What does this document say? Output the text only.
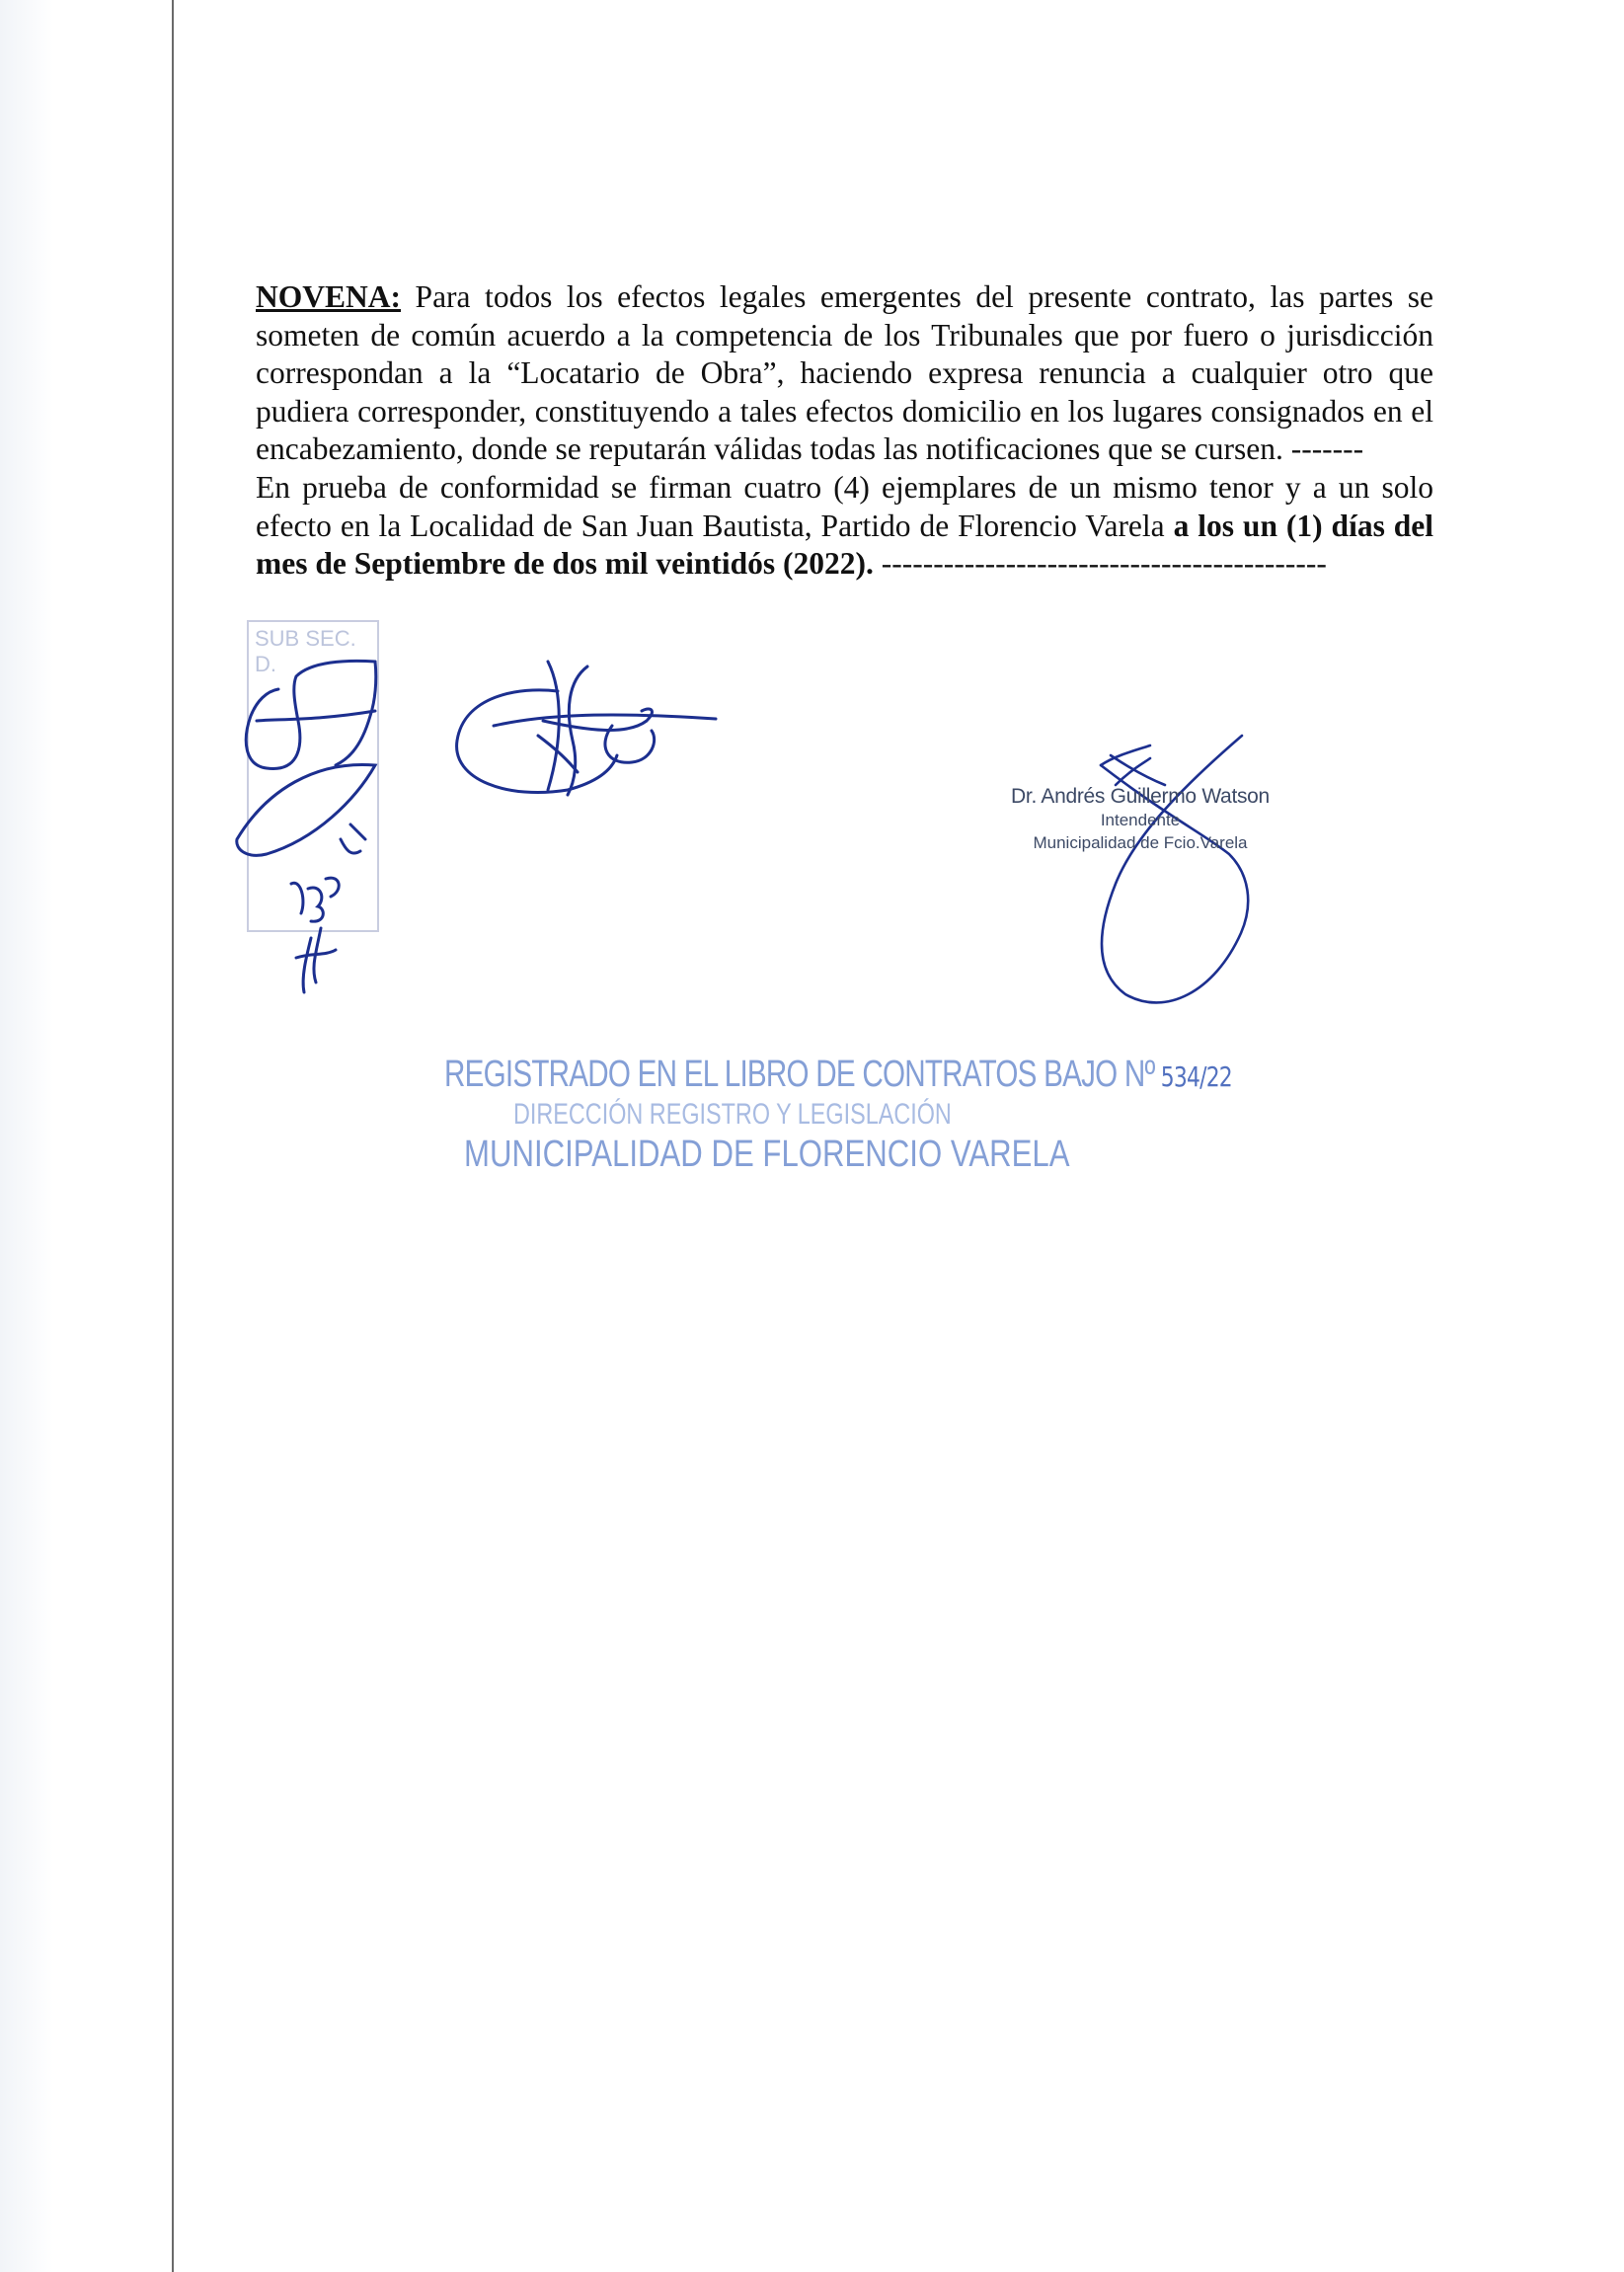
NOVENA: Para todos los efectos legales emergentes del presente contrato, las partes se someten de común acuerdo a la competencia de los Tribunales que por fuero o jurisdicción correspondan a la “Locatario de Obra”, haciendo expresa renuncia a cualquier otro que pudiera corresponder, constituyendo a tales efectos domicilio en los lugares consignados en el encabezamiento, donde se reputarán válidas todas las notificaciones que se cursen. -------

En prueba de conformidad se firman cuatro (4) ejemplares de un mismo tenor y a un solo efecto en la Localidad de San Juan Bautista, Partido de Florencio Varela a los un (1) días del mes de Septiembre de dos mil veintidós (2022). -------------------------------------------

SUB SEC.
D.
Dr. Andrés Guillermo Watson
Intendente
Municipalidad de Fcio.Varela
REGISTRADO EN EL LIBRO DE CONTRATOS BAJO Nº 534/22
DIRECCIÓN REGISTRO Y LEGISLACIÓN
MUNICIPALIDAD DE FLORENCIO VARELA
